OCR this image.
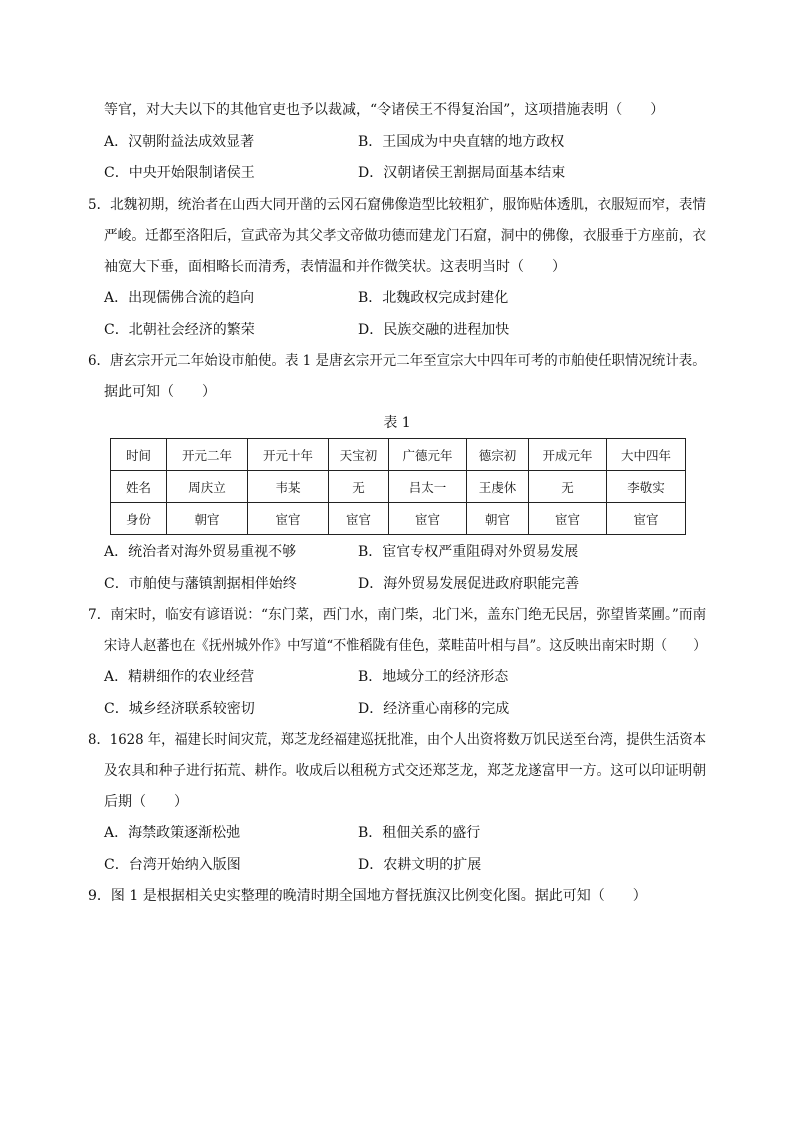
等官，对大夫以下的其他官吏也予以裁减，“令诸侯王不得复治国”，这项措施表明（　　）
A．汉朝附益法成效显著	B．王国成为中央直辖的地方政权
C．中央开始限制诸侯王	D．汉朝诸侯王割据局面基本结束
5．北魏初期，统治者在山西大同开凿的云冈石窟佛像造型比较粗犷，服饰贴体透肌，衣服短而窄，表情
严峻。迁都至洛阳后，宣武帝为其父孝文帝做功德而建龙门石窟，洞中的佛像，衣服垂于方座前，衣
袖宽大下垂，面相略长而清秀，表情温和并作微笑状。这表明当时（　　）
A．出现儒佛合流的趋向	B．北魏政权完成封建化
C．北朝社会经济的繁荣	D．民族交融的进程加快
6．唐玄宗开元二年始设市舶使。表 1 是唐玄宗开元二年至宣宗大中四年可考的市舶使任职情况统计表。
据此可知（　　）
表 1
时间	开元二年	开元十年	天宝初	广德元年	德宗初	开成元年	大中四年
姓名	周庆立	韦某	无	吕太一	王虔休	无	李敬实
身份	朝官	宦官	宦官	宦官	朝官	宦官	宦官
A．统治者对海外贸易重视不够	B．宦官专权严重阻碍对外贸易发展
C．市舶使与藩镇割据相伴始终	D．海外贸易发展促进政府职能完善
7．南宋时，临安有谚语说：“东门菜，西门水，南门柴，北门米，盖东门绝无民居，弥望皆菜圃。”而南
宋诗人赵蕃也在《抚州城外作》中写道“不惟稻陇有佳色，菜畦苗叶相与昌”。这反映出南宋时期（　　）
A．精耕细作的农业经营	B．地域分工的经济形态
C．城乡经济联系较密切	D．经济重心南移的完成
8．1628 年，福建长时间灾荒，郑芝龙经福建巡抚批准，由个人出资将数万饥民送至台湾，提供生活资本
及农具和种子进行拓荒、耕作。收成后以租税方式交还郑芝龙，郑芝龙遂富甲一方。这可以印证明朝
后期（　　）
A．海禁政策逐渐松弛	B．租佃关系的盛行
C．台湾开始纳入版图	D．农耕文明的扩展
9．图 1 是根据相关史实整理的晚清时期全国地方督抚旗汉比例变化图。据此可知（　　）
